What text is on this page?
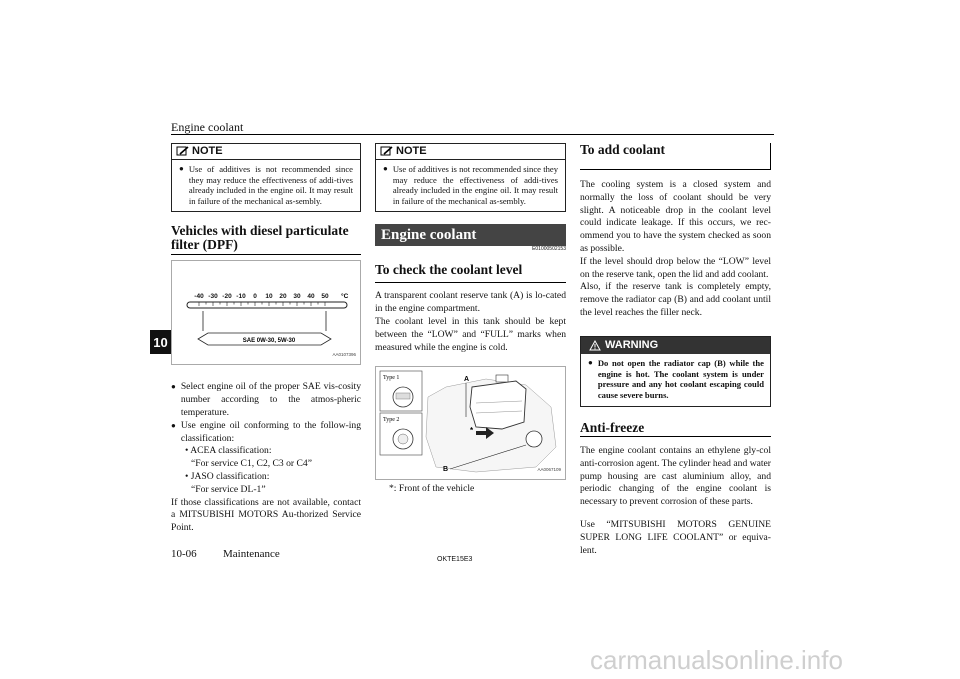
Engine coolant
10
NOTE
● Use of additives is not recommended since they may reduce the effectiveness of addi-tives already included in the engine oil. It may result in failure of the mechanical as-sembly.
Vehicles with diesel particulate filter (DPF)
-40 -30 -20 -10 0 10 20 30 40 50 °C
SAE 0W-30, 5W-30
AA0107396
● Select engine oil of the proper SAE vis-cosity number according to the atmos-pheric temperature.
● Use engine oil conforming to the follow-ing classification:
• ACEA classification:
“For service C1, C2, C3 or C4”
• JASO classification:
“For service DL-1”
If those classifications are not available, contact a MITSUBISHI MOTORS Au-thorized Service Point.
NOTE
● Use of additives is not recommended since they may reduce the effectiveness of addi-tives already included in the engine oil. It may result in failure of the mechanical as-sembly.
Engine coolant
E01000502153
To check the coolant level
A transparent coolant reserve tank (A) is lo-cated in the engine compartment.
The coolant level in this tank should be kept between the “LOW” and “FULL” marks when measured while the engine is cold.
Type 1
Type 2
A
B
*
AA0067109
*: Front of the vehicle
To add coolant
The cooling system is a closed system and normally the loss of coolant should be very slight. A noticeable drop in the coolant level could indicate leakage. If this occurs, we rec-ommend you to have the system checked as soon as possible.
If the level should drop below the “LOW” level on the reserve tank, open the lid and add coolant.
Also, if the reserve tank is completely empty, remove the radiator cap (B) and add coolant until the level reaches the filler neck.
WARNING
● Do not open the radiator cap (B) while the engine is hot. The coolant system is under pressure and any hot coolant escaping could cause severe burns.
Anti-freeze
The engine coolant contains an ethylene gly-col anti-corrosion agent. The cylinder head and water pump housing are cast aluminium alloy, and periodic changing of the engine coolant is necessary to prevent corrosion of these parts.
Use “MITSUBISHI MOTORS GENUINE SUPER LONG LIFE COOLANT” or equiva-lent.
10-06 Maintenance	OKTE15E3
carmanualsonline.info
